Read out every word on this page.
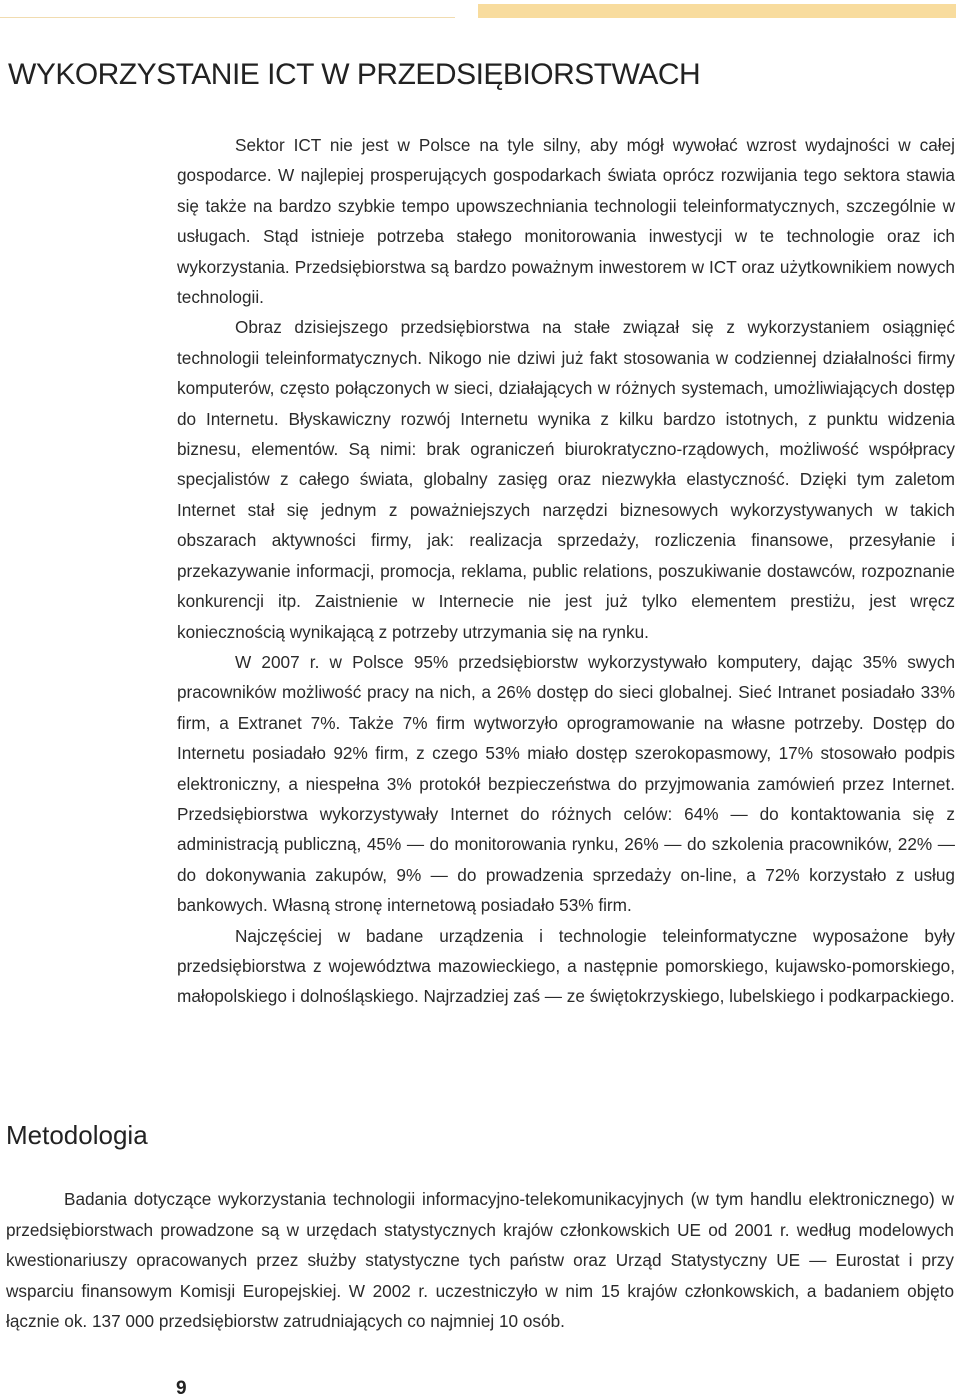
WYKORZYSTANIE ICT W PRZEDSIĘBIORSTWACH

Sektor ICT nie jest w Polsce na tyle silny, aby mógł wywołać wzrost wydajności w całej gospodarce. W najlepiej prosperujących gospodarkach świata oprócz rozwijania tego sektora stawia się także na bardzo szybkie tempo upowszechniania technologii teleinformatycznych, szczególnie w usługach. Stąd istnieje potrzeba stałego monitorowania inwestycji w te technologie oraz ich wykorzystania. Przedsiębiorstwa są bardzo poważnym inwestorem w ICT oraz użytkownikiem nowych technologii.

Obraz dzisiejszego przedsiębiorstwa na stałe związał się z wykorzystaniem osiągnięć technologii teleinformatycznych. Nikogo nie dziwi już fakt stosowania w codziennej działalności firmy komputerów, często połączonych w sieci, działających w różnych systemach, umożliwiających dostęp do Internetu. Błyskawiczny rozwój Internetu wynika z kilku bardzo istotnych, z punktu widzenia biznesu, elementów. Są nimi: brak ograniczeń biurokratyczno-rządowych, możliwość współpracy specjalistów z całego świata, globalny zasięg oraz niezwykła elastyczność. Dzięki tym zaletom Internet stał się jednym z poważniejszych narzędzi biznesowych wykorzystywanych w takich obszarach aktywności firmy, jak: realizacja sprzedaży, rozliczenia finansowe, przesyłanie i przekazywanie informacji, promocja, reklama, public relations, poszukiwanie dostawców, rozpoznanie konkurencji itp. Zaistnienie w Internecie nie jest już tylko elementem prestiżu, jest wręcz koniecznością wynikającą z potrzeby utrzymania się na rynku.

W 2007 r. w Polsce 95% przedsiębiorstw wykorzystywało komputery, dając 35% swych pracowników możliwość pracy na nich, a 26% dostęp do sieci globalnej. Sieć Intranet posiadało 33% firm, a Extranet 7%. Także 7% firm wytworzyło oprogramowanie na własne potrzeby. Dostęp do Internetu posiadało 92% firm, z czego 53% miało dostęp szerokopasmowy, 17% stosowało podpis elektroniczny, a niespełna 3% protokół bezpieczeństwa do przyjmowania zamówień przez Internet. Przedsiębiorstwa wykorzystywały Internet do różnych celów: 64% — do kontaktowania się z administracją publiczną, 45% — do monitorowania rynku, 26% — do szkolenia pracowników, 22% — do dokonywania zakupów, 9% — do prowadzenia sprzedaży on-line, a 72% korzystało z usług bankowych. Własną stronę internetową posiadało 53% firm.

Najczęściej w badane urządzenia i technologie teleinformatyczne wyposażone były przedsiębiorstwa z województwa mazowieckiego, a następnie pomorskiego, kujawsko-pomorskiego, małopolskiego i dolnośląskiego. Najrzadziej zaś — ze świętokrzyskiego, lubelskiego i podkarpackiego.

Metodologia

Badania dotyczące wykorzystania technologii informacyjno-telekomunikacyjnych (w tym handlu elektronicznego) w przedsiębiorstwach prowadzone są w urzędach statystycznych krajów członkowskich UE od 2001 r. według modelowych kwestionariuszy opracowanych przez służby statystyczne tych państw oraz Urząd Statystyczny UE — Eurostat i przy wsparciu finansowym Komisji Europejskiej. W 2002 r. uczestniczyło w nim 15 krajów członkowskich, a badaniem objęto łącznie ok. 137 000 przedsiębiorstw zatrudniających co najmniej 10 osób.

9
